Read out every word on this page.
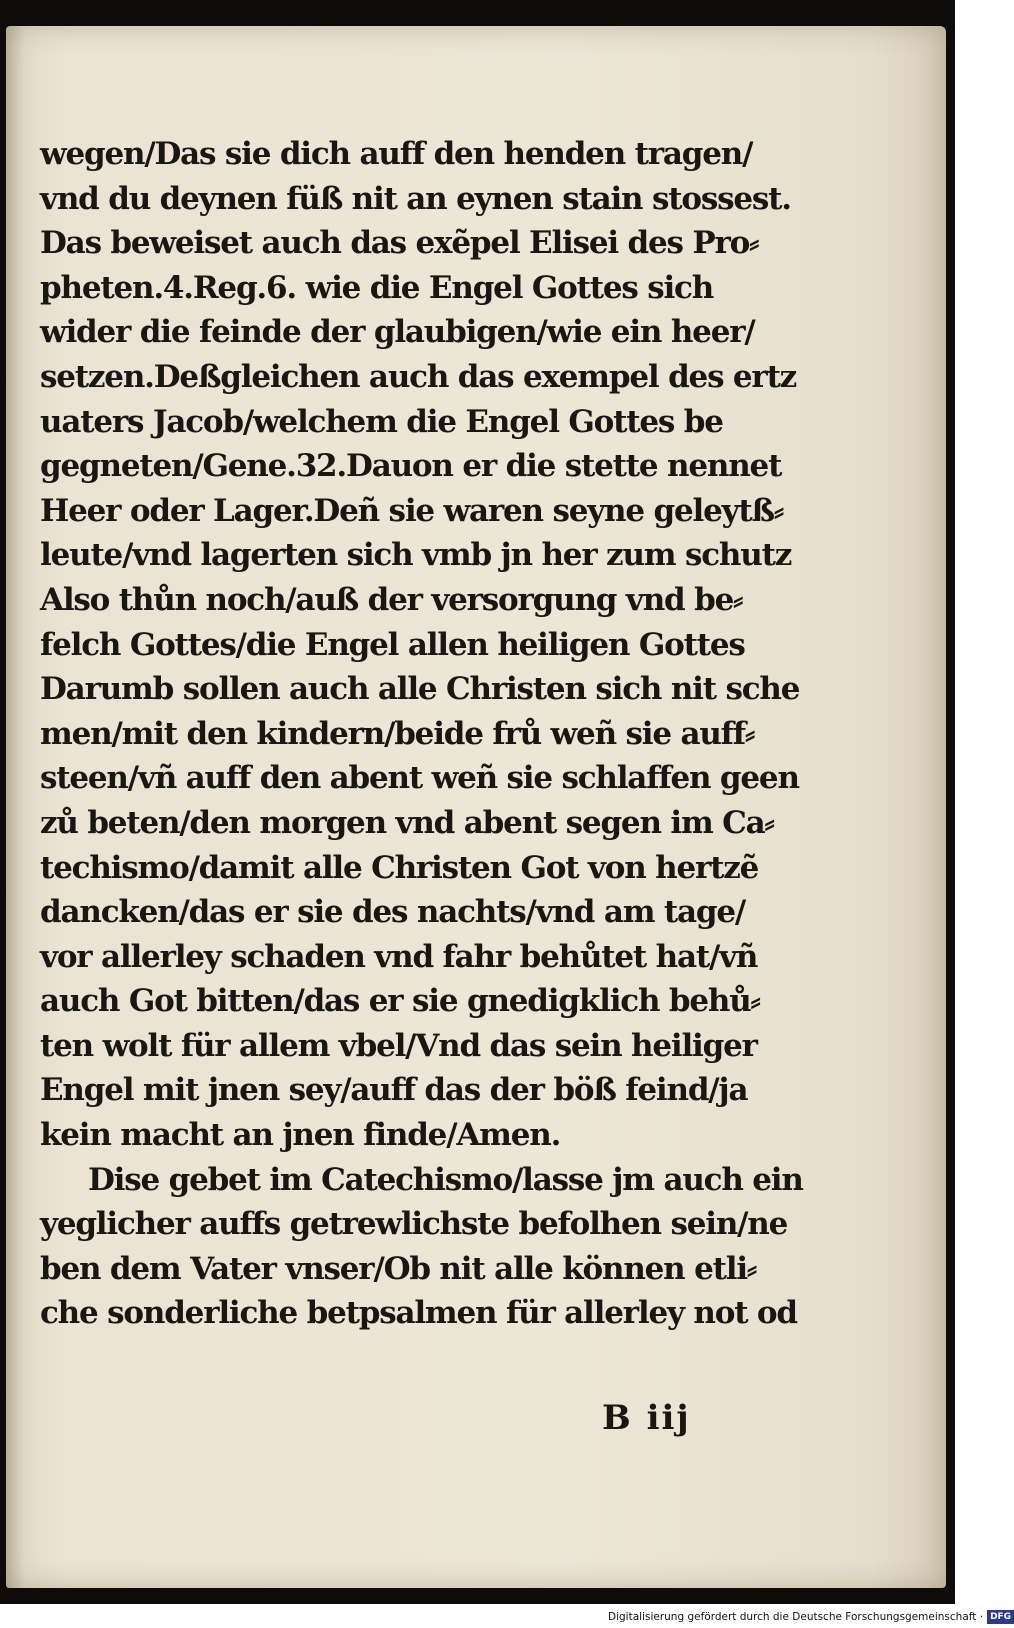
wegen/Das sie dich auff den henden tragen/
vnd du deynen füß nit an eynen stain stossest.
Das beweiset auch das exẽpel Elisei des Pro⸗
pheten.4.Reg.6. wie die Engel Gottes sich
wider die feinde der glaubigen/wie ein heer/
setzen.Deßgleichen auch das exempel des ertz
uaters Jacob/welchem die Engel Gottes be
gegneten/Gene.32.Dauon er die stette nennet
Heer oder Lager.Deñ sie waren seyne geleytß⸗
leute/vnd lagerten sich vmb jn her zum schutz
Also thůn noch/auß der versorgung vnd be⸗
felch Gottes/die Engel allen heiligen Gottes
Darumb sollen auch alle Christen sich nit sche
men/mit den kindern/beide frů weñ sie auff⸗
steen/vñ auff den abent weñ sie schlaffen geen
zů beten/den morgen vnd abent segen im Ca⸗
techismo/damit alle Christen Got von hertzẽ
dancken/das er sie des nachts/vnd am tage/
vor allerley schaden vnd fahr behůtet hat/vñ
auch Got bitten/das er sie gnedigklich behů⸗
ten wolt für allem vbel/Vnd das sein heiliger
Engel mit jnen sey/auff das der böß feind/ja
kein macht an jnen finde/Amen.
Dise gebet im Catechismo/lasse jm auch ein
yeglicher auffs getrewlichste befolhen sein/ne
ben dem Vater vnser/Ob nit alle können etli⸗
che sonderliche betpsalmen für allerley not od
B iij
Digitalisierung gefördert durch die Deutsche Forschungsgemeinschaft · DFG
